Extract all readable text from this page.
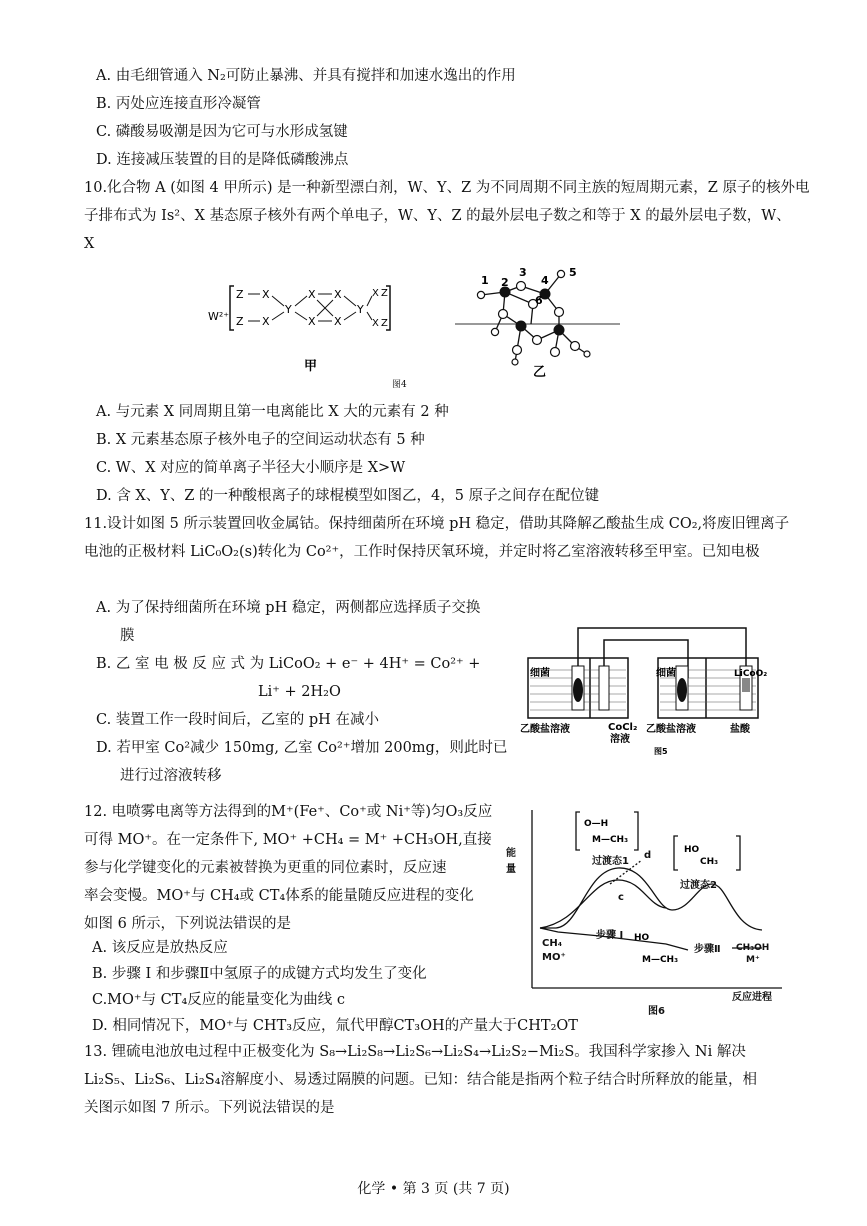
A. 由毛细管通入 N₂可防止暴沸、并具有搅拌和加速水逸出的作用
B. 丙处应连接直形冷凝管
C. 磷酸易吸潮是因为它可与水形成氢键
D. 连接减压装置的目的是降低磷酸沸点
10.化合物 A (如图 4 甲所示) 是一种新型漂白剂，W、Y、Z 为不同周期不同主族的短周期元素，Z 原子的核外电
子排布式为 Is²、X 基态原子核外有两个单电子，W、Y、Z 的最外层电子数之和等于 X 的最外层电子数，W、
X
W²⁺
Z X
Z X
Y
X X
X X
Y
X
X
Z
Z
甲
图4
1 2
3
4
5
6
乙
A. 与元素 X 同周期且第一电离能比 X 大的元素有 2 种
B. X 元素基态原子核外电子的空间运动状态有 5 种
C. W、X 对应的简单离子半径大小顺序是 X>W
D. 含 X、Y、Z 的一种酸根离子的球棍模型如图乙，4，5 原子之间存在配位键
11.设计如图 5 所示装置回收金属钴。保持细菌所在环境 pH 稳定，借助其降解乙酸盐生成 CO₂,将废旧锂离子
电池的正极材料 LiC₀O₂(s)转化为 Co²⁺，工作时保持厌氧环境，并定时将乙室溶液转移至甲室。已知电极
A. 为了保持细菌所在环境 pH 稳定，两侧都应选择质子交换
膜
B. 乙 室 电 极 反 应 式 为 LiCoO₂ + e⁻ + 4H⁺ = Co²⁺ +
Li⁺ + 2H₂O
C. 装置工作一段时间后，乙室的 pH 在减小
D. 若甲室 Co²减少 150mg, 乙室 Co²⁺增加 200mg，则此时已
进行过溶液转移
细菌	细菌	LiCoO₂
乙酸盐溶液	CoCl₂
溶液
乙酸盐溶液	盐酸
图5
12. 电喷雾电离等方法得到的M⁺(Fe⁺、Co⁺或 Ni⁺等)匀O₃反应
可得 MO⁺。在一定条件下, MO⁺ +CH₄ = M⁺ +CH₃OH,直接
参与化学键变化的元素被替换为更重的同位素时，反应速
率会变慢。MO⁺与 CH₄或 CT₄体系的能量随反应进程的变化
如图 6 所示，下列说法错误的是
A. 该反应是放热反应
B. 步骤 I 和步骤Ⅱ中氢原子的成键方式均发生了变化
C.MO⁺与 CT₄反应的能量变化为曲线 c
D. 相同情况下，MO⁺与 CHT₃反应，氚代甲醇CT₃OH的产量大于CHT₂OT
能
量
过渡态1
过渡态2
CH₄
MO⁺
步骤 I
步骤Ⅱ CH₃OH
M⁺
c
d
反应进程
图6
O—H
M—CH₃
HO
CH₃
HO
M—CH₃
13. 锂硫电池放电过程中正极变化为 S₈→Li₂S₈→Li₂S₆→Li₂S₄→Li₂S₂−Mi₂S。我国科学家掺入 Ni 解决
Li₂S₅、Li₂S₆、Li₂S₄溶解度小、易透过隔膜的问题。已知：结合能是指两个粒子结合时所释放的能量，相
关图示如图 7 所示。下列说法错误的是
化学 • 第 3 页 (共 7 页)
